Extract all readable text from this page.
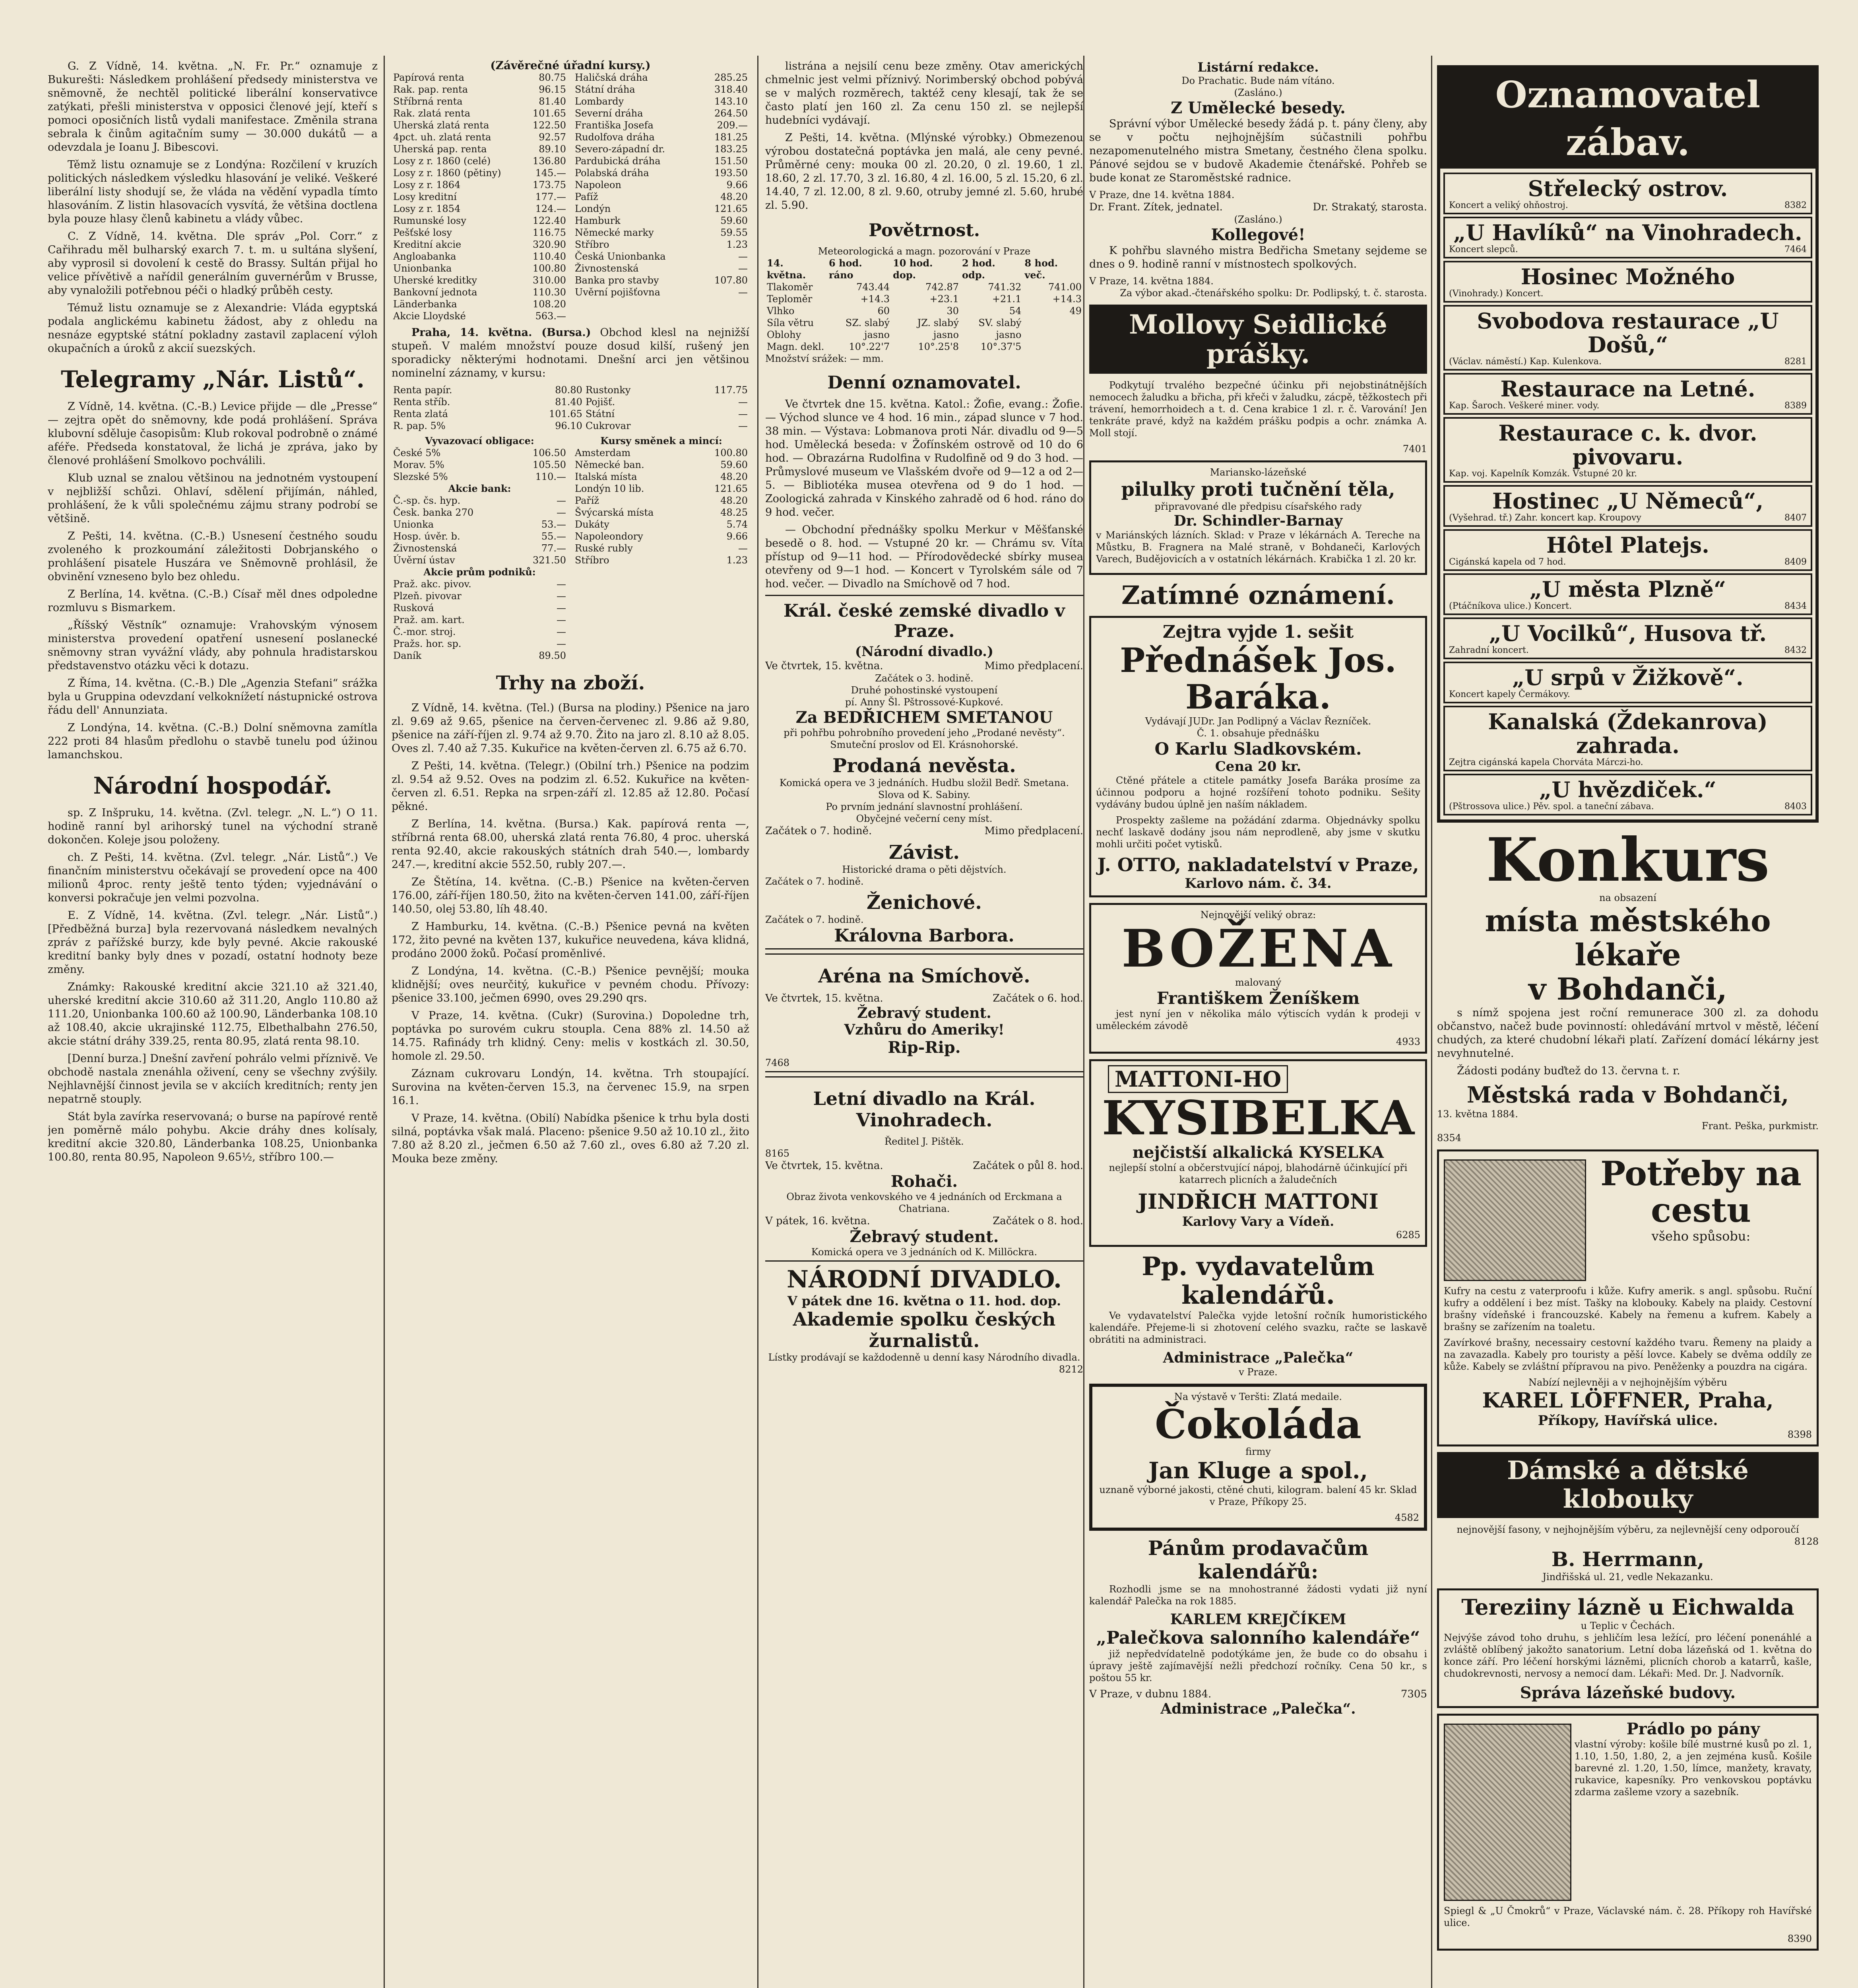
G. Z Vídně, 14. května. „N. Fr. Pr.“ oznamuje z Bukurešti: Následkem prohlášení předsedy ministerstva ve sněmovně, že nechtěl politické liberální konservativce zatýkati, přešli ministerstva v opposici členové její, kteří s pomoci oposičních listů vydali manifestace. Změnila strana sebrala k činům agitačním sumy — 30.000 dukátů — a odevzdala je Ioanu J. Bibescovi.

Těmž listu oznamuje se z Londýna: Rozčilení v kruzích politických následkem výsledku hlasování je veliké. Veškeré liberální listy shodují se, že vláda na vědění vypadla tímto hlasováním. Z listin hlasovacích vysvítá, že většina doctlena byla pouze hlasy členů kabinetu a vlády vůbec.

C. Z Vídně, 14. května. Dle správ „Pol. Corr.“ z Cařihradu měl bulharský exarch 7. t. m. u sultána slyšení, aby vyprosil si dovolení k cestě do Brassy. Sultán přijal ho velice přívětivě a nařídil generálním guvernérům v Brusse, aby vynaložili potřebnou péči o hladký průběh cesty.

Témuž listu oznamuje se z Alexandrie: Vláda egyptská podala anglickému kabinetu žádost, aby z ohledu na nesnáze egyptské státní pokladny zastavil zaplacení výloh okupačních a úroků z akcií suezských.

Telegramy „Nár. Listů“.

Z Vídně, 14. května. (C.-B.) Levice přijde — dle „Presse“ — zejtra opět do sněmovny, kde podá prohlášení. Správa klubovní sděluje časopisům: Klub rokoval podrobně o známé aféře. Předseda konstatoval, že lichá je zpráva, jako by členové prohlášení Smolkovo pochválili.

Klub uznal se znalou většinou na jednotném vystoupení v nejbližší schůzi. Ohlaví, sdělení přijímán, náhled, prohlášení, že k vůli společnému zájmu strany podrobí se většině.

Z Pešti, 14. května. (C.-B.) Usnesení čestného soudu zvoleného k prozkoumání záležitosti Dobrjanského o prohlášení pisatele Huszára ve Sněmovně prohlásil, že obvinění vzneseno bylo bez ohledu.

Z Berlína, 14. května. (C.-B.) Císař měl dnes odpoledne rozmluvu s Bismarkem.

„Říšský Věstník“ oznamuje: Vrahovským výnosem ministerstva provedení opatření usnesení poslanecké sněmovny stran vyvážní vlády, aby pohnula hradistarskou představenstvo otázku věci k dotazu.

Z Říma, 14. května. (C.-B.) Dle „Agenzia Stefani“ srážka byla u Gruppina odevzdaní velkoknížetí nástupnické ostrova řádu dell' Annunziata.

Z Londýna, 14. května. (C.-B.) Dolní sněmovna zamítla 222 proti 84 hlasům předlohu o stavbě tunelu pod úžinou lamanchskou.

Národní hospodář.

sp. Z Inšpruku, 14. května. (Zvl. telegr. „N. L.“) O 11. hodině ranní byl arihorský tunel na východní straně dokončen. Koleje jsou položeny.

ch. Z Pešti, 14. května. (Zvl. telegr. „Nár. Listů“.) Ve finančním ministerstvu očekávají se provedení opce na 400 milionů 4proc. renty ještě tento týden; vyjednávání o konversi pokračuje jen velmi pozvolna.

E. Z Vídně, 14. května. (Zvl. telegr. „Nár. Listů“.) [Předběžná burza] byla rezervovaná následkem nevalných zpráv z pařížské burzy, kde byly pevné. Akcie rakouské kreditní banky byly dnes v pozadí, ostatní hodnoty beze změny.

Známky: Rakouské kreditní akcie 321.10 až 321.40, uherské kreditní akcie 310.60 až 311.20, Anglo 110.80 až 111.20, Unionbanka 100.60 až 100.90, Länderbanka 108.10 až 108.40, akcie ukrajinské 112.75, Elbethalbahn 276.50, akcie státní dráhy 339.25, renta 80.95, zlatá renta 98.10.

[Denní burza.] Dnešní zavření pohrálo velmi příznivě. Ve obchodě nastala znenáhla oživení, ceny se všechny zvýšily. Nejhlavnější činnost jevila se v akciích kreditních; renty jen nepatrně stouply.

Stát byla zavírka reservovaná; o burse na papírové rentě jen poměrně málo pohybu. Akcie dráhy dnes kolísaly, kreditní akcie 320.80, Länderbanka 108.25, Unionbanka 100.80, renta 80.95, Napoleon 9.65½, stříbro 100.—

(Závěrečné úřadní kursy.)
Papírová renta	80.75
Rak. pap. renta	96.15
Stříbrná renta	81.40
Rak. zlatá renta	101.65
Uherská zlatá renta	122.50
4pct. uh. zlatá renta	92.57
Uherská pap. renta	89.10
Losy z r. 1860 (celé)	136.80
Losy z r. 1860 (pětiny)	145.—
Losy z r. 1864	173.75
Losy kreditní	177.—
Losy z r. 1854	124.—
Rumunské losy	122.40
Pešťské losy	116.75
Kreditní akcie	320.90
Angloabanka	110.40
Unionbanka	100.80
Uherské kreditky	310.00
Bankovní jednota	110.30
Länderbanka	108.20
Akcie Lloydské	563.—
Haličská dráha	285.25
Státní dráha	318.40
Lombardy	143.10
Severní dráha	264.50
Františka Josefa	209.—
Rudolfova dráha	181.25
Severo-západní dr.	183.25
Pardubická dráha	151.50
Polabská dráha	193.50
Napoleon	9.66
Pafíž	48.20
Londýn	121.65
Hamburk	59.60
Německé marky	59.55
Stříbro	1.23
Česká Unionbanka	—
Živnostenská	—
Banka pro stavby	107.80
Uvěrní pojišťovna	—

Praha, 14. května. (Bursa.) Obchod klesl na nejnižší stupeň. V malém množství pouze dosud kilší, rušený jen sporadicky některými hodnotami. Dnešní arci jen většinou nominelní záznamy, v kursu:

Renta papír.	80.80	Rustonky	117.75
Renta stříb.	81.40	Pojišť.	—
Renta zlatá	101.65	Státní	—
R. pap. 5%	96.10	Cukrovar	—
Vyvazovací obligace:
České 5%	106.50
Morav. 5%	105.50
Slezské 5%	110.—
Akcie bank:
Č.-sp. čs. hyp.	—
Česk. banka 270	—
Unionka	53.—
Hosp. úvěr. b.	55.—
Živnostenská	77.—
Úvěrní ústav	321.50
Akcie prům podniků:
Praž. akc. pivov.	—
Plzeň. pivovar	—
Rusková	—
Praž. am. kart.	—
Č.-mor. stroj.	—
Pražs. hor. sp.	—
Daník	89.50
Kursy směnek a mincí:
Amsterdam	100.80
Německé ban.	59.60
Italská místa	48.20
Londýn 10 lib.	121.65
Paříž	48.20
Švýcarská místa	48.25
Dukáty	5.74
Napoleondory	9.66
Ruské rubly	—
Stříbro	1.23
Trhy na zboží.

Z Vídně, 14. května. (Tel.) (Bursa na plodiny.) Pšenice na jaro zl. 9.69 až 9.65, pšenice na červen-červenec zl. 9.86 až 9.80, pšenice na září-říjen zl. 9.74 až 9.70. Žito na jaro zl. 8.10 až 8.05. Oves zl. 7.40 až 7.35. Kukuřice na květen-červen zl. 6.75 až 6.70.

Z Pešti, 14. května. (Telegr.) (Obilní trh.) Pšenice na podzim zl. 9.54 až 9.52. Oves na podzim zl. 6.52. Kukuřice na květen-červen zl. 6.51. Repka na srpen-září zl. 12.85 až 12.80. Počasí pěkné.

Z Berlína, 14. května. (Bursa.) Kak. papírová renta —, stříbrná renta 68.00, uherská zlatá renta 76.80, 4 proc. uherská renta 92.40, akcie rakouských státních drah 540.—, lombardy 247.—, kreditní akcie 552.50, rubly 207.—.

Ze Štětína, 14. května. (C.-B.) Pšenice na květen-červen 176.00, září-říjen 180.50, žito na květen-červen 141.00, září-říjen 140.50, olej 53.80, líh 48.40.

Z Hamburku, 14. května. (C.-B.) Pšenice pevná na květen 172, žito pevné na květen 137, kukuřice neuvedena, káva klidná, prodáno 2000 žoků. Počasí proměnlivé.

Z Londýna, 14. května. (C.-B.) Pšenice pevnější; mouka klidnější; oves neurčitý, kukuřice v pevném chodu. Přívozy: pšenice 33.100, ječmen 6990, oves 29.290 qrs.

V Praze, 14. května. (Cukr) (Surovina.) Dopoledne trh, poptávka po surovém cukru stoupla. Cena 88% zl. 14.50 až 14.75. Rafinády trh klidný. Ceny: melis v kostkách zl. 30.50, homole zl. 29.50.

Záznam cukrovaru Londýn, 14. května. Trh stoupající. Surovina na květen-červen 15.3, na červenec 15.9, na srpen 16.1.

V Praze, 14. května. (Obilí) Nabídka pšenice k trhu byla dosti silná, poptávka však malá. Placeno: pšenice 9.50 až 10.10 zl., žito 7.80 až 8.20 zl., ječmen 6.50 až 7.60 zl., oves 6.80 až 7.20 zl. Mouka beze změny.

listrána a nejsilí cenu beze změny. Otav amerických chmelnic jest velmi příznivý. Norimberský obchod pobývá se v malých rozměrech, taktéž ceny klesají, tak že se často platí jen 160 zl. Za cenu 150 zl. se nejlepší hudebníci vydávají.

Z Pešti, 14. května. (Mlýnské výrobky.) Obmezenou výrobou dostatečná poptávka jen malá, ale ceny pevné. Průměrné ceny: mouka 00 zl. 20.20, 0 zl. 19.60, 1 zl. 18.60, 2 zl. 17.70, 3 zl. 16.80, 4 zl. 16.00, 5 zl. 15.20, 6 zl. 14.40, 7 zl. 12.00, 8 zl. 9.60, otruby jemné zl. 5.60, hrubé zl. 5.90.

Povětrnost.
Meteorologická a magn. pozorování v Praze
14. května.	6 hod. ráno	10 hod. dop.	2 hod. odp.	8 hod. več.
Tlakoměr	743.44	742.87	741.32	741.00
Teploměr	+14.3	+23.1	+21.1	+14.3
Vlhko	60	30	54	49
Síla větru	SZ. slabý	JZ. slabý	SV. slabý	
Oblohy	jasno	jasno	jasno	
Magn. dekl.	10°.22'7	10°.25'8	10°.37'5	
Množství srážek: — mm.
Denní oznamovatel.

Ve čtvrtek dne 15. května. Katol.: Žofie, evang.: Žofie. — Východ slunce ve 4 hod. 16 min., západ slunce v 7 hod. 38 min. — Výstava: Lobmanova proti Nár. divadlu od 9—5 hod. Umělecká beseda: v Žofínském ostrově od 10 do 6 hod. — Obrazárna Rudolfina v Rudolfině od 9 do 3 hod. — Průmyslové museum ve Vlašském dvoře od 9—12 a od 2—5. — Bibliotéka musea otevřena od 9 do 1 hod. — Zoologická zahrada v Kinského zahradě od 6 hod. ráno do 9 hod. večer.

— Obchodní přednášky spolku Merkur v Měšťanské besedě o 8. hod. — Vstupné 20 kr. — Chrámu sv. Víta přístup od 9—11 hod. — Přírodovědecké sbírky musea otevřeny od 9—1 hod. — Koncert v Tyrolském sále od 7 hod. večer. — Divadlo na Smíchově od 7 hod.

Král. české zemské divadlo v Praze.
(Národní divadlo.)
Ve čtvrtek, 15. května.	Mimo předplacení.
Začátek o 3. hodině.
Druhé pohostinské vystoupení
pí. Anny Šl. Pštrossové-Kupkové.
Za BEDŘICHEM SMETANOU
při pohřbu pohrobního provedení jeho „Prodané nevěsty“. Smuteční proslov od El. Krásnohorské.
Prodaná nevěsta.
Komická opera ve 3 jednáních. Hudbu složil Bedř. Smetana. Slova od K. Sabiny.
Po prvním jednání slavnostní prohlášení.
Obyčejné večerní ceny míst.
Začátek o 7. hodině.	Mimo předplacení.
Závist.
Historické drama o pěti dějstvích.
Začátek o 7. hodině.
Ženichové.
Začátek o 7. hodině.
Královna Barbora.
Aréna na Smíchově.
Ve čtvrtek, 15. května.	Začátek o 6. hod.
Žebravý student.
Vzhůru do Ameriky!
Rip-Rip.
7468
Letní divadlo na Král. Vinohradech.
Ředitel J. Pištěk.
8165
Ve čtvrtek, 15. května.	Začátek o půl 8. hod.
Rohači.
Obraz života venkovského ve 4 jednáních od Erckmana a Chatriana.
V pátek, 16. května.	Začátek o 8. hod.
Žebravý student.
Komická opera ve 3 jednáních od K. Millöckra.
NÁRODNÍ DIVADLO.
V pátek dne 16. května o 11. hod. dop.
Akademie spolku českých žurnalistů.
Lístky prodávají se každodenně u denní kasy Národního divadla.
8212
Listární redakce.
Do Prachatic. Bude nám vítáno.
(Zasláno.)
Z Umělecké besedy.

Správní výbor Umělecké besedy žádá p. t. pány členy, aby se v počtu nejhojnějším súčastnili pohřbu nezapomenutelného mistra Smetany, čestného člena spolku. Pánové sejdou se v budově Akademie čtenářské. Pohřeb se bude konat ze Staroměstské radnice.

V Praze, dne 14. května 1884.
Dr. Frant. Zítek, jednatel.	Dr. Strakatý, starosta.
(Zasláno.)
Kollegové!

K pohřbu slavného mistra Bedřicha Smetany sejdeme se dnes o 9. hodině ranní v místnostech spolkových.

V Praze, 14. května 1884.
Za výbor akad.-čtenářského spolku: Dr. Podlipský, t. č. starosta.
Mollovy Seidlické prášky.

Podkytují trvalého bezpečné účinku při nejobstinátnějších nemocech žaludku a břicha, při křeči v žaludku, zácpě, těžkostech při trávení, hemorrhoidech a t. d. Cena krabice 1 zl. r. č. Varování! Jen tenkráte pravé, když na každém prášku podpis a ochr. známka A. Moll stojí.

7401
Mariansko-lázeňské
pilulky proti tučnění těla,
připravované dle předpisu císařského rady
Dr. Schindler-Barnay

v Mariánských lázních. Sklad: v Praze v lékárnách A. Tereche na Můstku, B. Fragnera na Malé straně, v Bohdaneči, Karlových Varech, Budějovicích a v ostatních lékárnách. Krabička 1 zl. 20 kr.

Zatímné oznámení.
Zejtra vyjde 1. sešit
Přednášek Jos. Baráka.
Vydávají JUDr. Jan Podlipný a Václav Řezníček.
Č. 1. obsahuje přednášku
O Karlu Sladkovském.
Cena 20 kr.

Ctěné přátele a ctitele památky Josefa Baráka prosíme za účinnou podporu a hojné rozšíření tohoto podniku. Sešity vydávány budou úplně jen naším nákladem.

Prospekty zašleme na požádání zdarma. Objednávky spolku nechť laskavě dodány jsou nám neprodleně, aby jsme v skutku mohli určiti počet vytisků.

J. OTTO, nakladatelství v Praze,
Karlovo nám. č. 34.
Nejnovější veliký obraz:
BOŽENA
malovaný
Františkem Ženíškem

jest nyní jen v několika málo výtiscích vydán k prodeji v uměleckém závodě

4933
MATTONI-HO
KYSIBELKA
nejčistší alkalická KYSELKA

nejlepší stolní a občerstvující nápoj, blahodárně účinkující při katarrech plicních a žaludečních

JINDŘICH MATTONI
Karlovy Vary a Vídeň.
6285
Pp. vydavatelům kalendářů.

Ve vydavatelství Palečka vyjde letošní ročník humoristického kalendáře. Přejeme-li si zhotovení celého svazku, račte se laskavě obrátiti na administraci.

Administrace „Palečka“
v Praze.
Na výstavě v Teršti: Zlatá medaile.
Čokoláda
firmy
Jan Kluge a spol.,

uznaně výborné jakosti, ctěné chuti, kilogram. balení 45 kr. Sklad v Praze, Příkopy 25.

4582
Pánům prodavačům kalendářů:

Rozhodli jsme se na mnohostranné žádosti vydati již nyní kalendář Palečka na rok 1885.

KARLEM KREJČÍKEM
„Palečkova salonního kalendáře“

již nepředvídatelně podotýkáme jen, že bude co do obsahu i úpravy ještě zajímavější nežli předchozí ročníky. Cena 50 kr., s poštou 55 kr.

V Praze, v dubnu 1884.	7305
Administrace „Palečka“.
Oznamovatel zábav.
Střelecký ostrov.
Koncert a veliký ohňostroj.	8382
„U Havlíků“ na Vinohradech.
Koncert slepců.	7464
Hosinec Možného
(Vinohrady.) Koncert.
Svobodova restaurace „U Došů,“
(Václav. náměstí.) Kap. Kulenkova.	8281
Restaurace na Letné.
Kap. Šaroch. Veškeré miner. vody.	8389
Restaurace c. k. dvor. pivovaru.
Kap. voj. Kapelník Komzák. Vstupné 20 kr.
Hostinec „U Němeců“,
(Vyšehrad. tř.) Zahr. koncert kap. Kroupovy	8407
Hôtel Platejs.
Cigánská kapela od 7 hod.	8409
„U města Plzně“
(Ptáčníkova ulice.) Koncert.	8434
„U Vocilků“, Husova tř.
Zahradní koncert.	8432
„U srpů v Žižkově“.
Koncert kapely Čermákovy.
Kanalská (Ždekanrova) zahrada.
Zejtra cigánská kapela Chorváta Márczi-ho.
„U hvězdiček.“
(Pštrossova ulice.) Pěv. spol. a taneční zábava.	8403
Konkurs
na obsazení
místa městského lékaře
v Bohdanči,

s nímž spojena jest roční remunerace 300 zl. za dohodu občanstvo, načež bude povinností: ohledávání mrtvol v městě, léčení chudých, za které chudobní lékaři platí. Zařízení domácí lékárny jest nevyhnutelné.

Žádosti podány buďtež do 13. června t. r.

Městská rada v Bohdanči,
13. května 1884.
Frant. Peška, purkmistr.
8354
Potřeby na cestu
všeho spůsobu:

Kufry na cestu z vaterproofu i kůže. Kufry amerik. s angl. spůsobu. Ruční kufry a oddělení i bez míst. Tašky na klobouky. Kabely na plaidy. Cestovní brašny vídeňské i francouzské. Kabely na řemenu a kufrem. Kabely a brašny se zařízením na toaletu.

Zavírkové brašny, necessairy cestovní každého tvaru. Řemeny na plaidy a na zavazadla. Kabely pro touristy a pěší lovce. Kabely se dvěma oddíly ze kůže. Kabely se zvláštní přípravou na pivo. Peněženky a pouzdra na cigára.

Nabízí nejlevněji a v nejhojnějším výběru
KAREL LÖFFNER, Praha,
Příkopy, Havířská ulice.
8398
Dámské a dětské klobouky
nejnovější fasony, v nejhojnějším výběru, za nejlevnější ceny odporoučí
8128
B. Herrmann,
Jindřišská ul. 21, vedle Nekazanku.
Tereziiny lázně u Eichwalda
u Teplic v Čechách.

Nejvýše závod toho druhu, s jehličím lesa ležící, pro léčení ponenáhlé a zvláště oblíbený jakožto sanatorium. Letní doba lázeňská od 1. května do konce září. Pro léčení horskými lázněmi, plicních chorob a katarrů, kašle, chudokrevnosti, nervosy a nemocí dam. Lékaři: Med. Dr. J. Nadvorník.

Správa lázeňské budovy.
Prádlo po pány

vlastní výroby: košile bílé mustrné kusů po zl. 1, 1.10, 1.50, 1.80, 2, a jen zejména kusů. Košile barevné zl. 1.20, 1.50, límce, manžety, kravaty, rukavice, kapesníky. Pro venkovskou poptávku zdarma zašleme vzory a sazebník.

Spiegl & „U Čmokrů“ v Praze, Václavské nám. č. 28. Příkopy roh Havířské ulice.

8390
